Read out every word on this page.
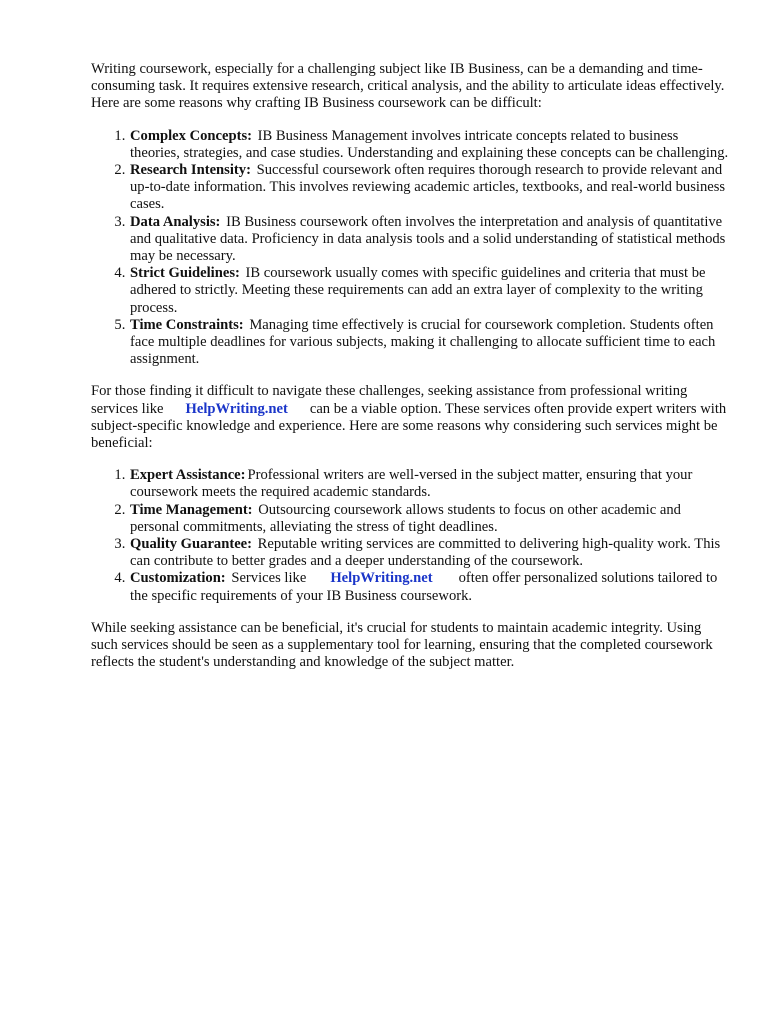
Writing coursework, especially for a challenging subject like IB Business, can be a demanding and time-consuming task. It requires extensive research, critical analysis, and the ability to articulate ideas effectively. Here are some reasons why crafting IB Business coursework can be difficult:

1. Complex Concepts: IB Business Management involves intricate concepts related to business theories, strategies, and case studies. Understanding and explaining these concepts can be challenging.
2. Research Intensity: Successful coursework often requires thorough research to provide relevant and up-to-date information. This involves reviewing academic articles, textbooks, and real-world business cases.
3. Data Analysis: IB Business coursework often involves the interpretation and analysis of quantitative and qualitative data. Proficiency in data analysis tools and a solid understanding of statistical methods may be necessary.
4. Strict Guidelines: IB coursework usually comes with specific guidelines and criteria that must be adhered to strictly. Meeting these requirements can add an extra layer of complexity to the writing process.
5. Time Constraints: Managing time effectively is crucial for coursework completion. Students often face multiple deadlines for various subjects, making it challenging to allocate sufficient time to each assignment.

For those finding it difficult to navigate these challenges, seeking assistance from professional writing services like HelpWriting.net can be a viable option. These services often provide expert writers with subject-specific knowledge and experience. Here are some reasons why considering such services might be beneficial:

1. Expert Assistance: Professional writers are well-versed in the subject matter, ensuring that your coursework meets the required academic standards.
2. Time Management: Outsourcing coursework allows students to focus on other academic and personal commitments, alleviating the stress of tight deadlines.
3. Quality Guarantee: Reputable writing services are committed to delivering high-quality work. This can contribute to better grades and a deeper understanding of the coursework.
4. Customization: Services like HelpWriting.net often offer personalized solutions tailored to the specific requirements of your IB Business coursework.

While seeking assistance can be beneficial, it's crucial for students to maintain academic integrity. Using such services should be seen as a supplementary tool for learning, ensuring that the completed coursework reflects the student's understanding and knowledge of the subject matter.
